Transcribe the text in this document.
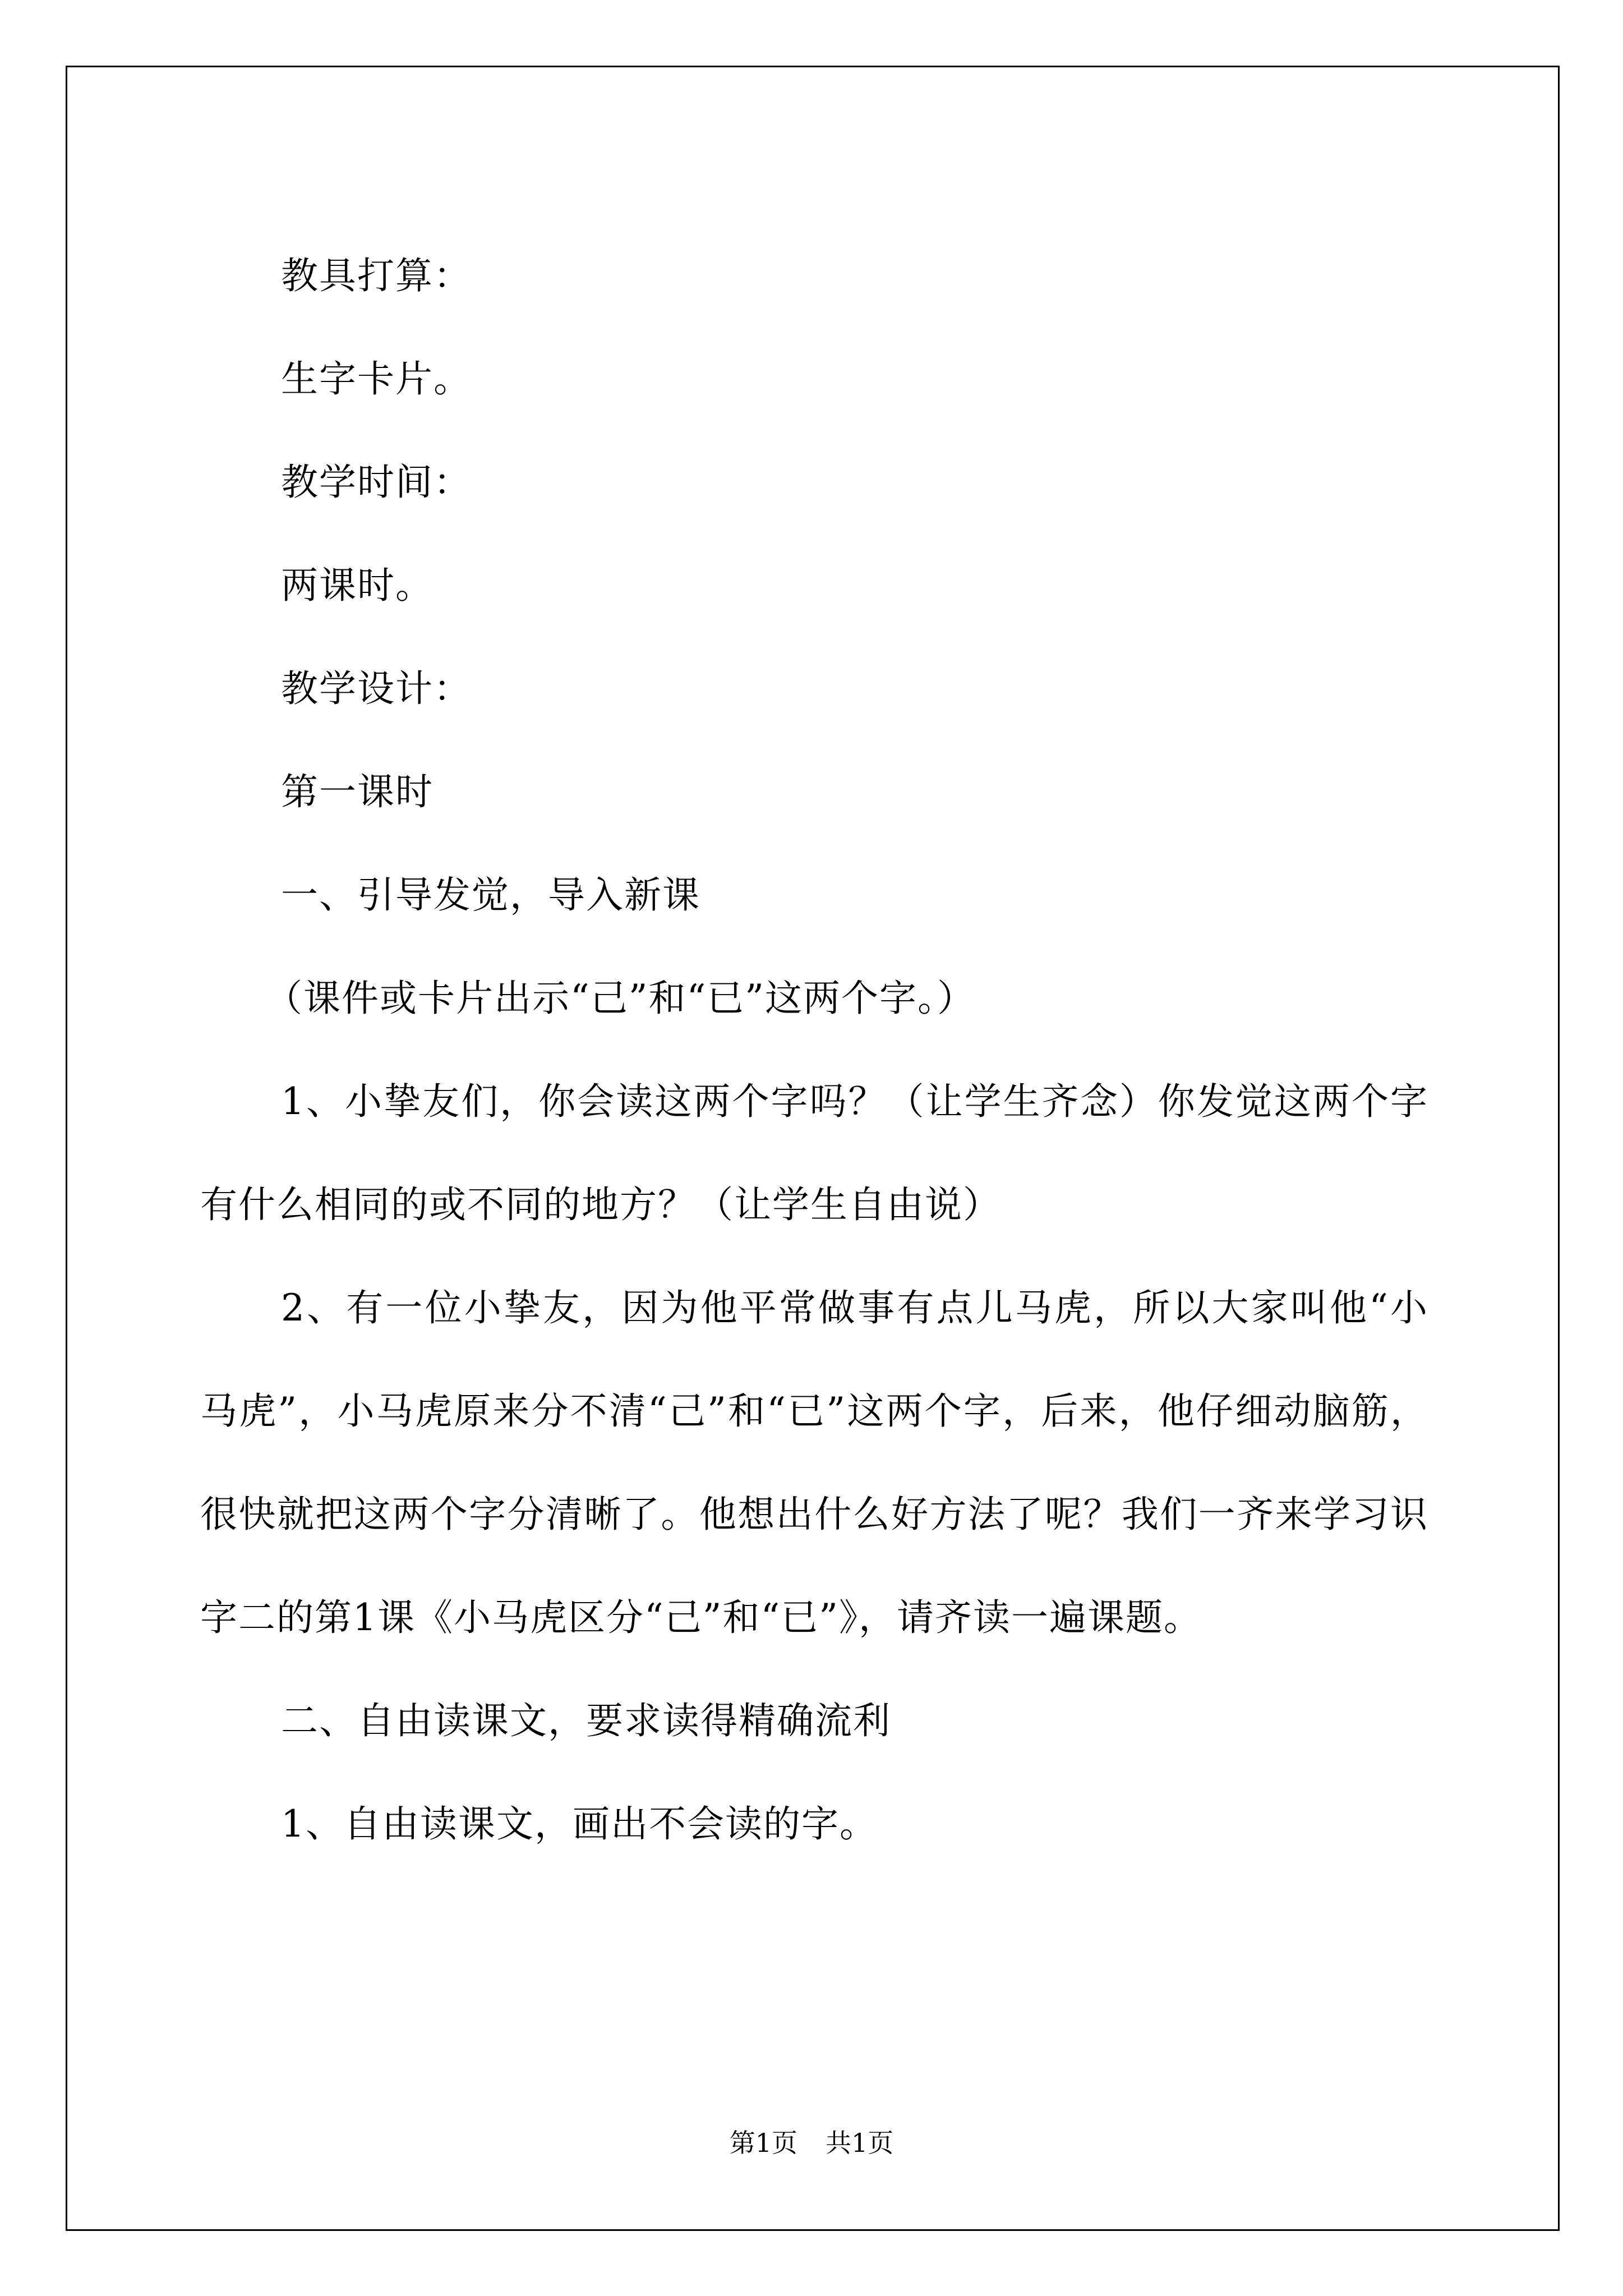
教具打算：

生字卡片。

教学时间：

两课时。

教学设计：

第一课时

一、引导发觉，导入新课

（课件或卡片出示“己”和“已”这两个字。）

1、小挚友们，你会读这两个字吗？（让学生齐念）你发觉这两个字有什么相同的或不同的地方？（让学生自由说）

2、有一位小挚友，因为他平常做事有点儿马虎，所以大家叫他“小马虎”，小马虎原来分不清“己”和“已”这两个字，后来，他仔细动脑筋，很快就把这两个字分清晰了。他想出什么好方法了呢？我们一齐来学习识字二的第1课《小马虎区分“己”和“已”》，请齐读一遍课题。

二、自由读课文，要求读得精确流利

1、自由读课文，画出不会读的字。

第1页 共1页
